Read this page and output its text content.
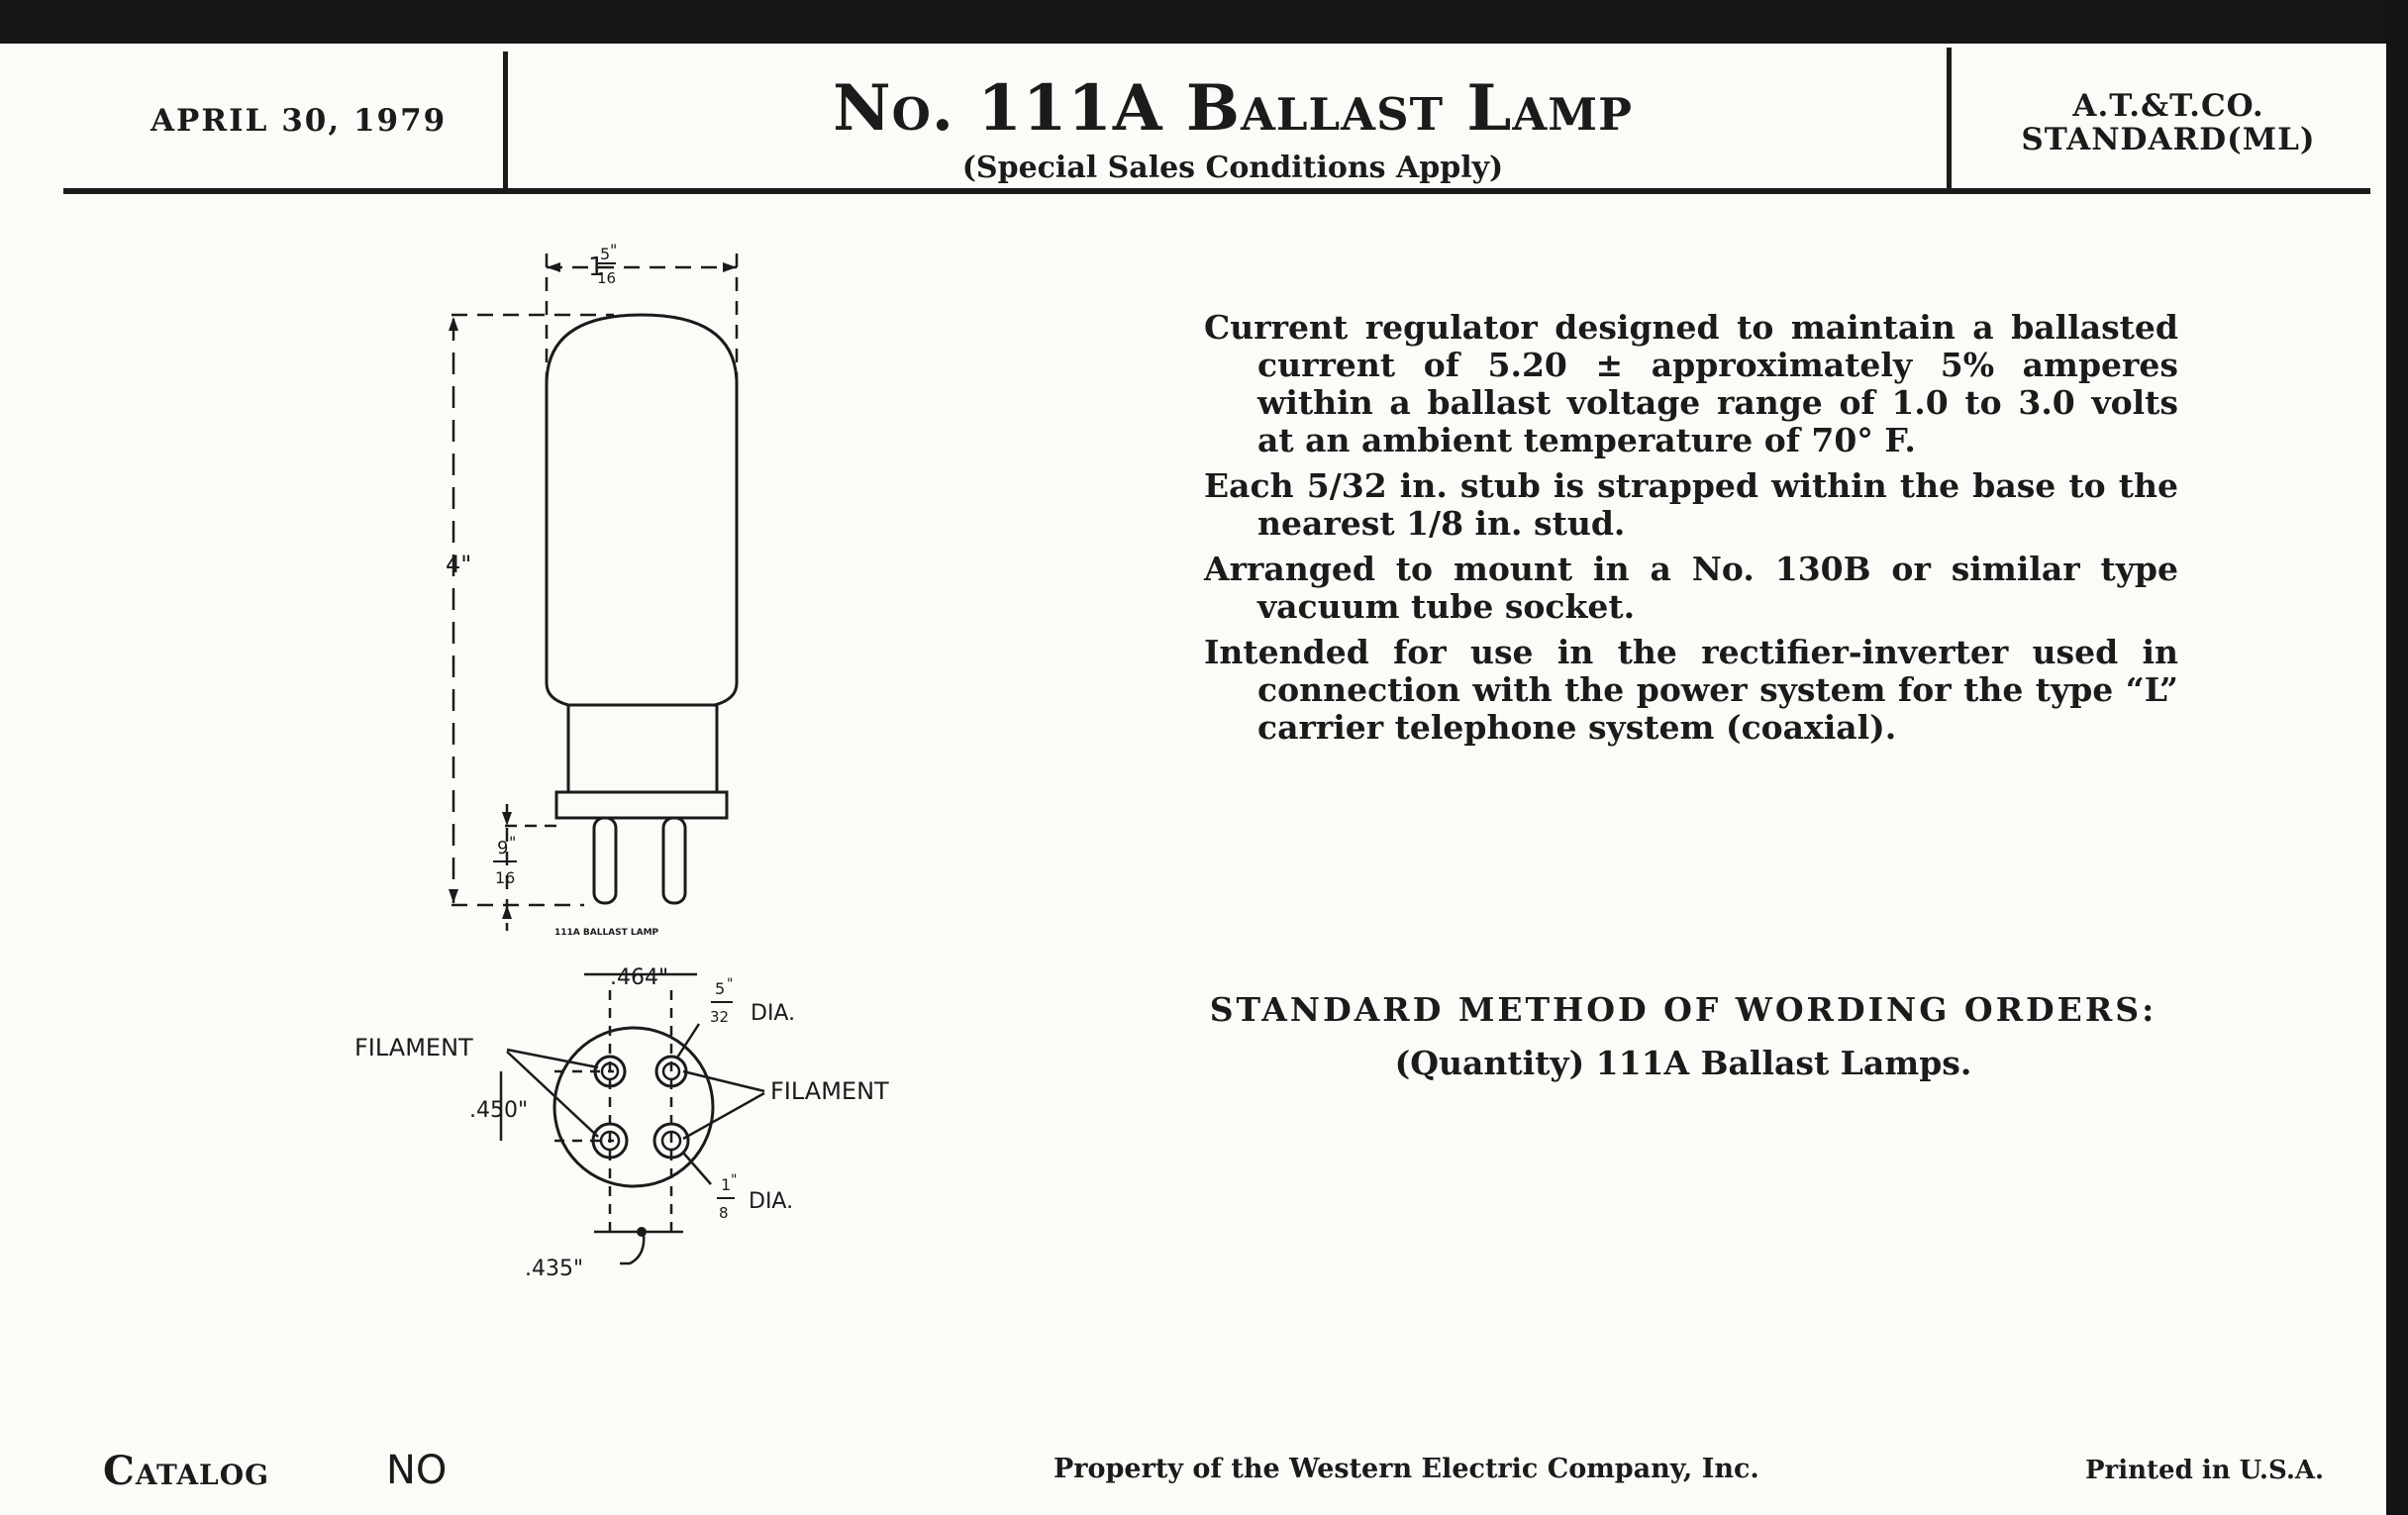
APRIL 30, 1979	No. 111A Ballast Lamp
(Special Sales Conditions Apply)
A.T.&T.CO.
STANDARD(ML)

Current regulator designed to maintain a ballasted current of 5.20 ± approximately 5% amperes within a ballast voltage range of 1.0 to 3.0 volts at an ambient temperature of 70° F.

Each 5/32 in. stub is strapped within the base to the nearest 1/8 in. stud.

Arranged to mount in a No. 130B or similar type vacuum tube socket.

Intended for use in the rectifier-inverter used in connection with the power system for the type “L” carrier telephone system (coaxial).

STANDARD METHOD OF WORDING ORDERS:
(Quantity) 111A Ballast Lamps.
1
5 "
16
4"
9 "
16
111A BALLAST LAMP
.464"	5 "
32 DIA.
FILAMENT
FILAMENT
.450"
1 "
8 DIA.
.435"
Catalog	NO	Property of the Western Electric Company, Inc.	Printed in U.S.A.
